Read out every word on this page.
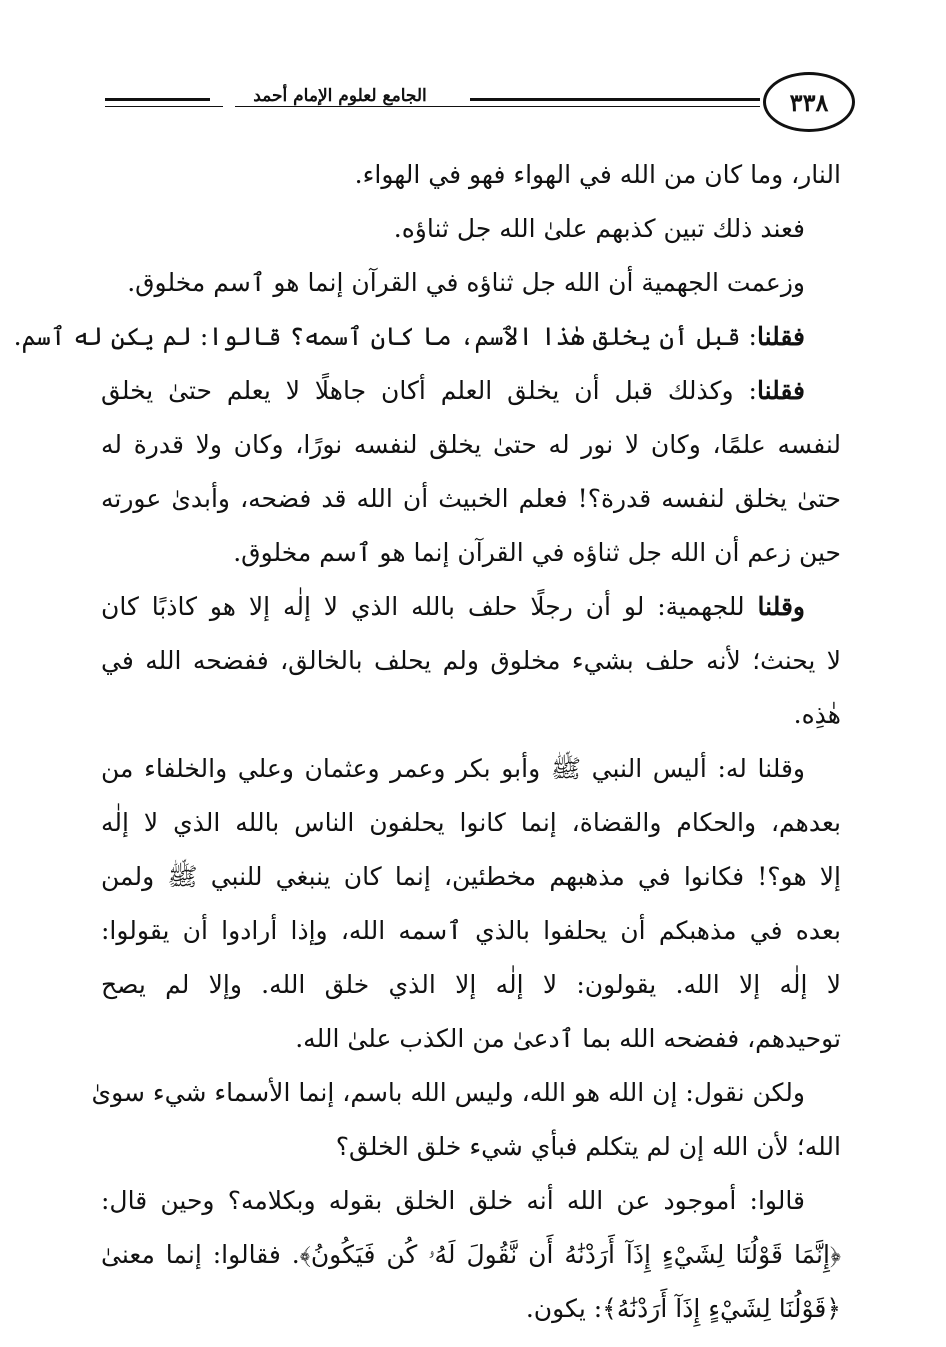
الجامع لعلوم الإمام أحمد	٣٣٨
النار، وما كان من الله في الهواء فهو في الهواء.
فعند ذلك تبين كذبهم علىٰ الله جل ثناؤه.
وزعمت الجهمية أن الله جل ثناؤه في القرآن إنما هو ٱسم مخلوق.
فقلنا: قبل أن يخلق هٰذا الٱسم، ما كان ٱسمه؟ قالوا: لم يكن له ٱسم.
فقلنا: وكذلك قبل أن يخلق العلم أكان جاهلًا لا يعلم حتىٰ يخلق
لنفسه علمًا، وكان لا نور له حتىٰ يخلق لنفسه نورًا، وكان ولا قدرة له
حتىٰ يخلق لنفسه قدرة؟! فعلم الخبيث أن الله قد فضحه، وأبدىٰ عورته
حين زعم أن الله جل ثناؤه في القرآن إنما هو ٱسم مخلوق.
وقلنا للجهمية: لو أن رجلًا حلف بالله الذي لا إلٰه إلا هو كاذبًا كان
لا يحنث؛ لأنه حلف بشيء مخلوق ولم يحلف بالخالق، ففضحه الله في
هٰذِه.
وقلنا له: أليس النبي ﷺ وأبو بكر وعمر وعثمان وعلي والخلفاء من
بعدهم، والحكام والقضاة، إنما كانوا يحلفون الناس بالله الذي لا إلٰه
إلا هو؟! فكانوا في مذهبهم مخطئين، إنما كان ينبغي للنبي ﷺ ولمن
بعده في مذهبكم أن يحلفوا بالذي ٱسمه الله، وإذا أرادوا أن يقولوا:
لا إلٰه إلا الله. يقولون: لا إلٰه إلا الذي خلق الله. وإلا لم يصح
توحيدهم، ففضحه الله بما ٱدعىٰ من الكذب علىٰ الله.
ولكن نقول: إن الله هو الله، وليس الله باسم، إنما الأسماء شيء سوىٰ
الله؛ لأن الله إن لم يتكلم فبأي شيء خلق الخلق؟
قالوا: أموجود عن الله أنه خلق الخلق بقوله وبكلامه؟ وحين قال:
﴿إِنَّمَا قَوْلُنَا لِشَيْءٍ إِذَآ أَرَدْنَٰهُ أَن نَّقُولَ لَهُۥ كُن فَيَكُونُ﴾. فقالوا: إنما معنىٰ
﴿قَوْلُنَا لِشَيْءٍ إِذَآ أَرَدْنَٰهُ﴾: يكون.
